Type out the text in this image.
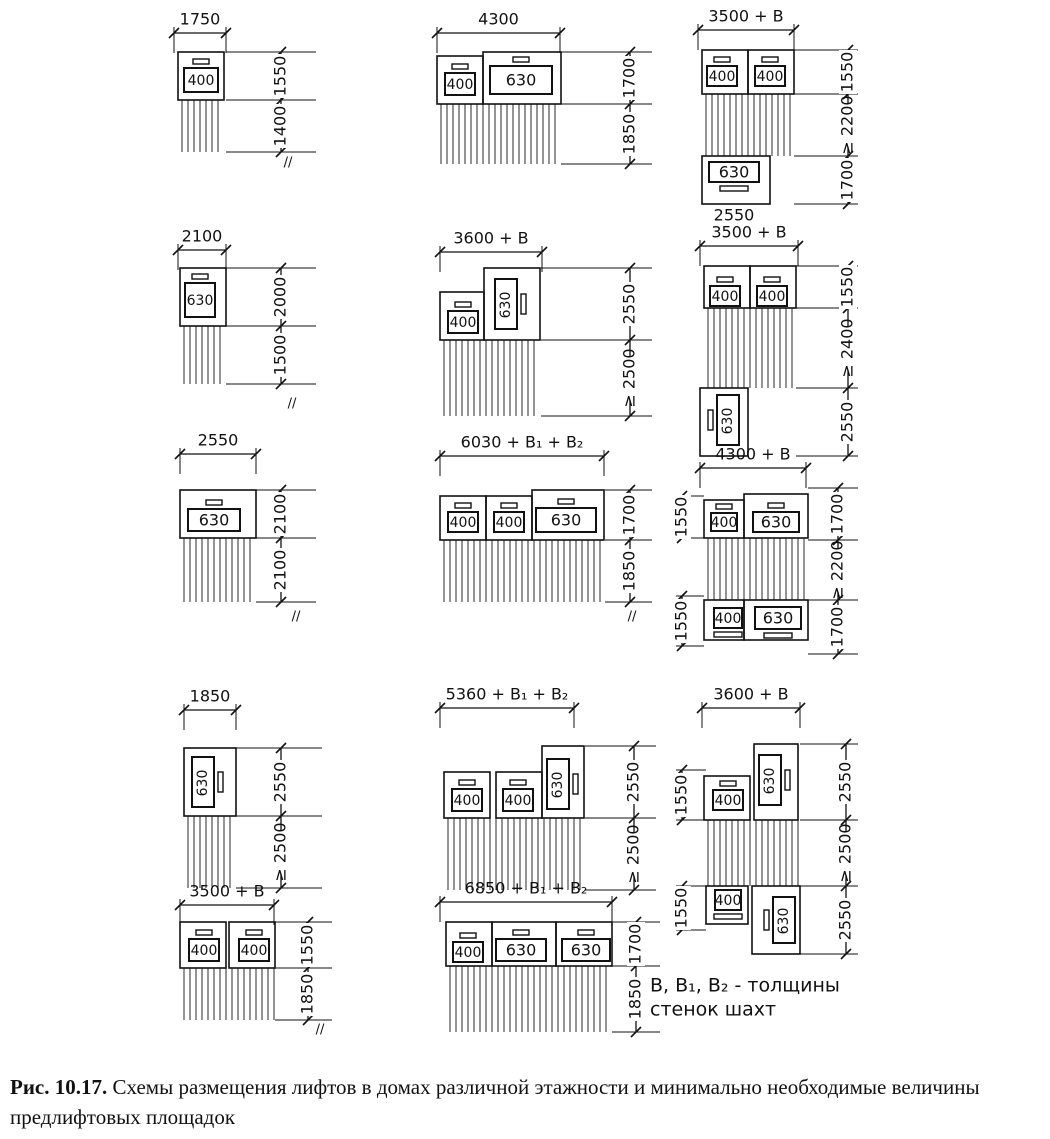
1750
400	1550
1400
//
2100
630	2000
1500
//
2550
630	2100
2100
//
1850
630	2550
≥ 2500
3500 + B
400 400 1550
1850
//
4300
400 630	1700
1850
3600 + B
400
630	2550
≥ 2500
6030 + B₁ + B₂
400 400 630 1700
1850
//
5360 + B₁ + B₂
400 400
630	2550
≥ 2500
6850 + B₁ + B₂
400 630 630 1700
1850
3500 + B
400 400
630
2550
1550
≥ 2200
1700
3500 + B
400 400
630
1550
≥ 2400
2550
4300 + B
400 630
400 630
1700
≥ 2200
1700
1550
1550
3600 + B
400
630
400
630
2550
≥ 2500
2550
1550
1550
B, B₁, B₂ - толщины
стенок шахт
Рис. 10.17. Схемы размещения лифтов в домах различной этажности и минимально необходимые величины предлифтовых площадок
